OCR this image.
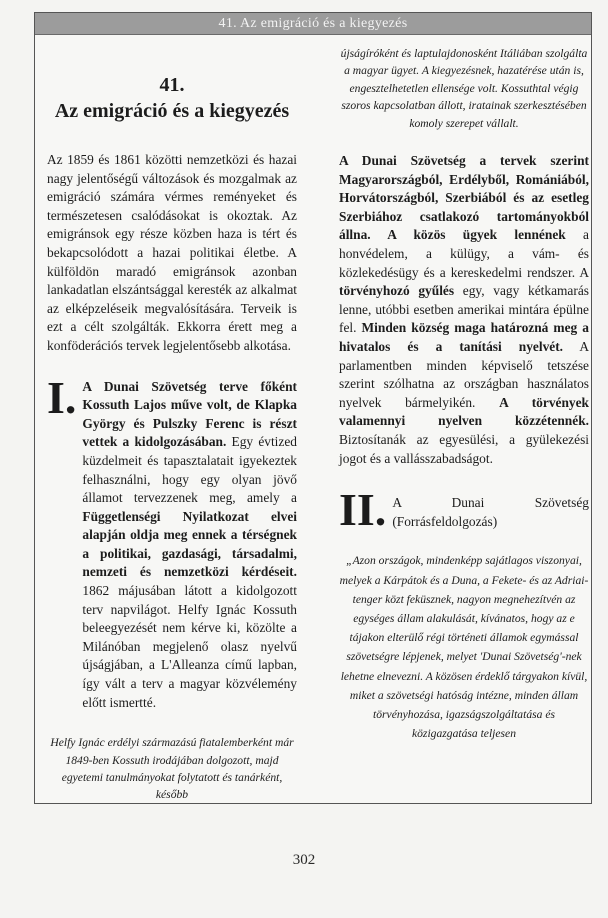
41. Az emigráció és a kiegyezés
41.
Az emigráció és a kiegyezés

Az 1859 és 1861 közötti nemzetközi és hazai nagy jelentőségű változások és mozgalmak az emigráció számára vérmes reményeket és természetesen csalódásokat is okoztak. Az emigránsok egy része közben haza is tért és bekapcsolódott a hazai politikai életbe. A külföldön maradó emigránsok azonban lankadatlan elszántsággal keresték az alkalmat az elképzeléseik megvalósítására. Terveik is ezt a célt szolgálták. Ekkorra érett meg a konföderációs tervek legjelentősebb alkotása.

I. A Dunai Szövetség terve főként Kossuth Lajos műve volt, de Klapka György és Pulszky Ferenc is részt vettek a kidolgozásában. Egy évtized küzdelmeit és tapasztalatait igyekeztek felhasználni, hogy egy olyan jövő államot tervezzenek meg, amely a Függetlenségi Nyilatkozat elvei alapján oldja meg ennek a térségnek a politikai, gazdasági, társadalmi, nemzeti és nemzetközi kérdéseit. 1862 májusában látott a kidolgozott terv napvilágot. Helfy Ignác Kossuth beleegyezését nem kérve ki, közölte a Milánóban megjelenő olasz nyelvű újságjában, a L'Alleanza című lapban, így vált a terv a magyar közvélemény előtt ismertté.

Helfy Ignác erdélyi származású fiatalemberként már 1849-ben Kossuth irodájában dolgozott, majd egyetemi tanulmányokat folytatott és tanárként, később

újságíróként és laptulajdonosként Itáliában szolgálta a magyar ügyet. A kiegyezésnek, hazatérése után is, engesztelhetetlen ellensége volt. Kossuthtal végig szoros kapcsolatban állott, iratainak szerkesztésében komoly szerepet vállalt.

A Dunai Szövetség a tervek szerint Magyarországból, Erdélyből, Romániából, Horvátországból, Szerbiából és az esetleg Szerbiához csatlakozó tartományokból állna. A közös ügyek lennének a honvédelem, a külügy, a vám- és közlekedésügy és a kereskedelmi rendszer. A törvényhozó gyűlés egy, vagy kétkamarás lenne, utóbbi esetben amerikai mintára épülne fel. Minden község maga határozná meg a hivatalos és a tanítási nyelvét. A parlamentben minden képviselő tetszése szerint szólhatna az országban használatos nyelvek bármelyikén. A törvények valamennyi nyelven közzétennék. Biztosítanák az egyesülési, a gyülekezési jogot és a vallásszabadságot.

II. A Dunai Szövetség (Forrásfeldolgozás)

„Azon országok, mindenképp sajátlagos viszonyai, melyek a Kárpátok és a Duna, a Fekete- és az Adriai-tenger közt feküsznek, nagyon megnehezítvén az egységes állam alakulását, kívánatos, hogy az e tájakon elterülő régi történeti államok egymással szövetségre lépjenek, melyet 'Dunai Szövetség'-nek lehetne elnevezni. A közösen érdeklő tárgyakon kívül, miket a szövetségi hatóság intézne, minden állam törvényhozása, igazságszolgáltatása és közigazgatása teljesen

302
